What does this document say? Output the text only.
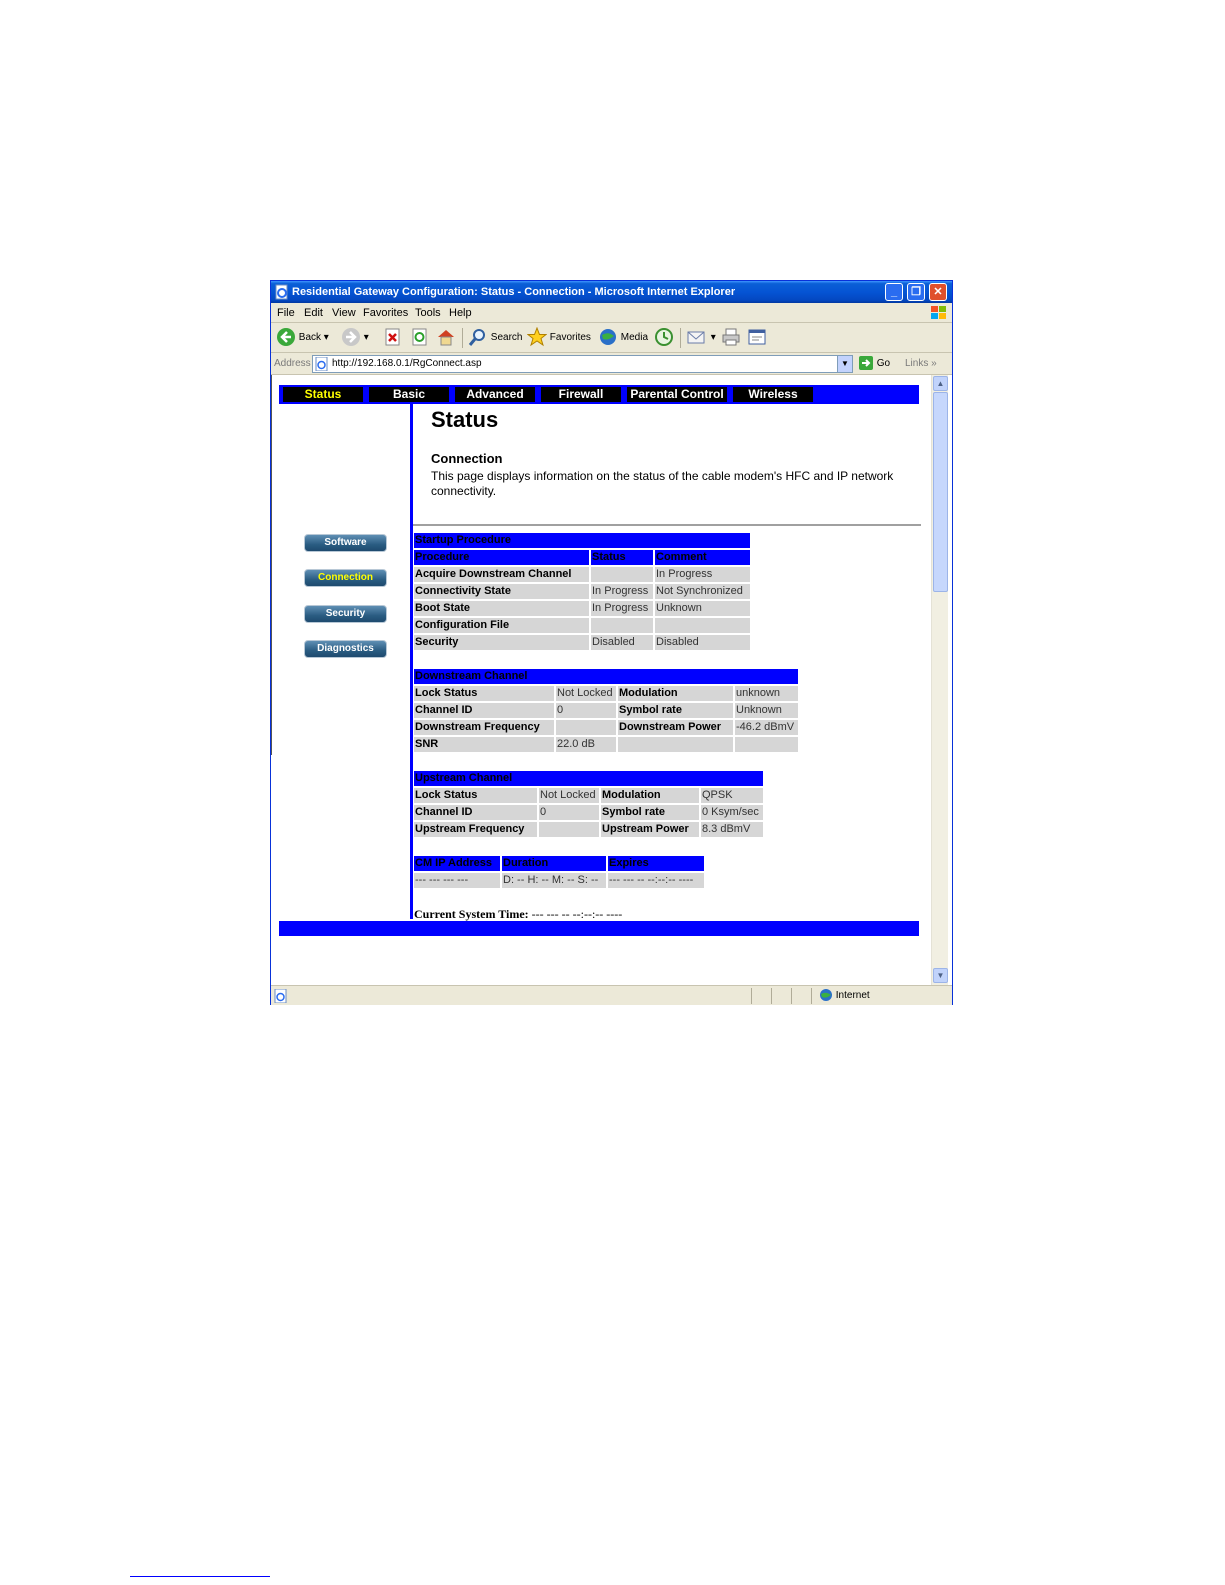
Residential Gateway Configuration: Status - Connection - Microsoft Internet Explorer	_	❐	✕
File Edit View Favorites Tools Help
Back ▾	▾	Search	Favorites	Media	▾
Address http://192.168.0.1/RgConnect.asp	▼	Go Links »
Status	Basic	Advanced	Firewall	Parental Control	Wireless
Software
Connection
Security
Diagnostics
Status
Connection
This page displays information on the status of the cable modem's HFC and IP network connectivity.
Startup Procedure		
Procedure	Status	Comment
Acquire Downstream Channel		In Progress
Connectivity State	In Progress	Not Synchronized
Boot State	In Progress	Unknown
Configuration File		
Security	Disabled	Disabled
Downstream Channel			
Lock Status	Not Locked	Modulation	unknown
Channel ID	0	Symbol rate	Unknown
Downstream Frequency		Downstream Power	-46.2 dBmV
SNR	22.0 dB		
Upstream Channel			
Lock Status	Not Locked	Modulation	QPSK
Channel ID	0	Symbol rate	0 Ksym/sec
Upstream Frequency		Upstream Power	8.3 dBmV
CM IP Address	Duration	Expires
--- --- --- ---	D: -- H: -- M: -- S: --	--- --- -- --:--:-- ----
Current System Time: --- --- -- --:--:-- ----
▲
▼
Internet
